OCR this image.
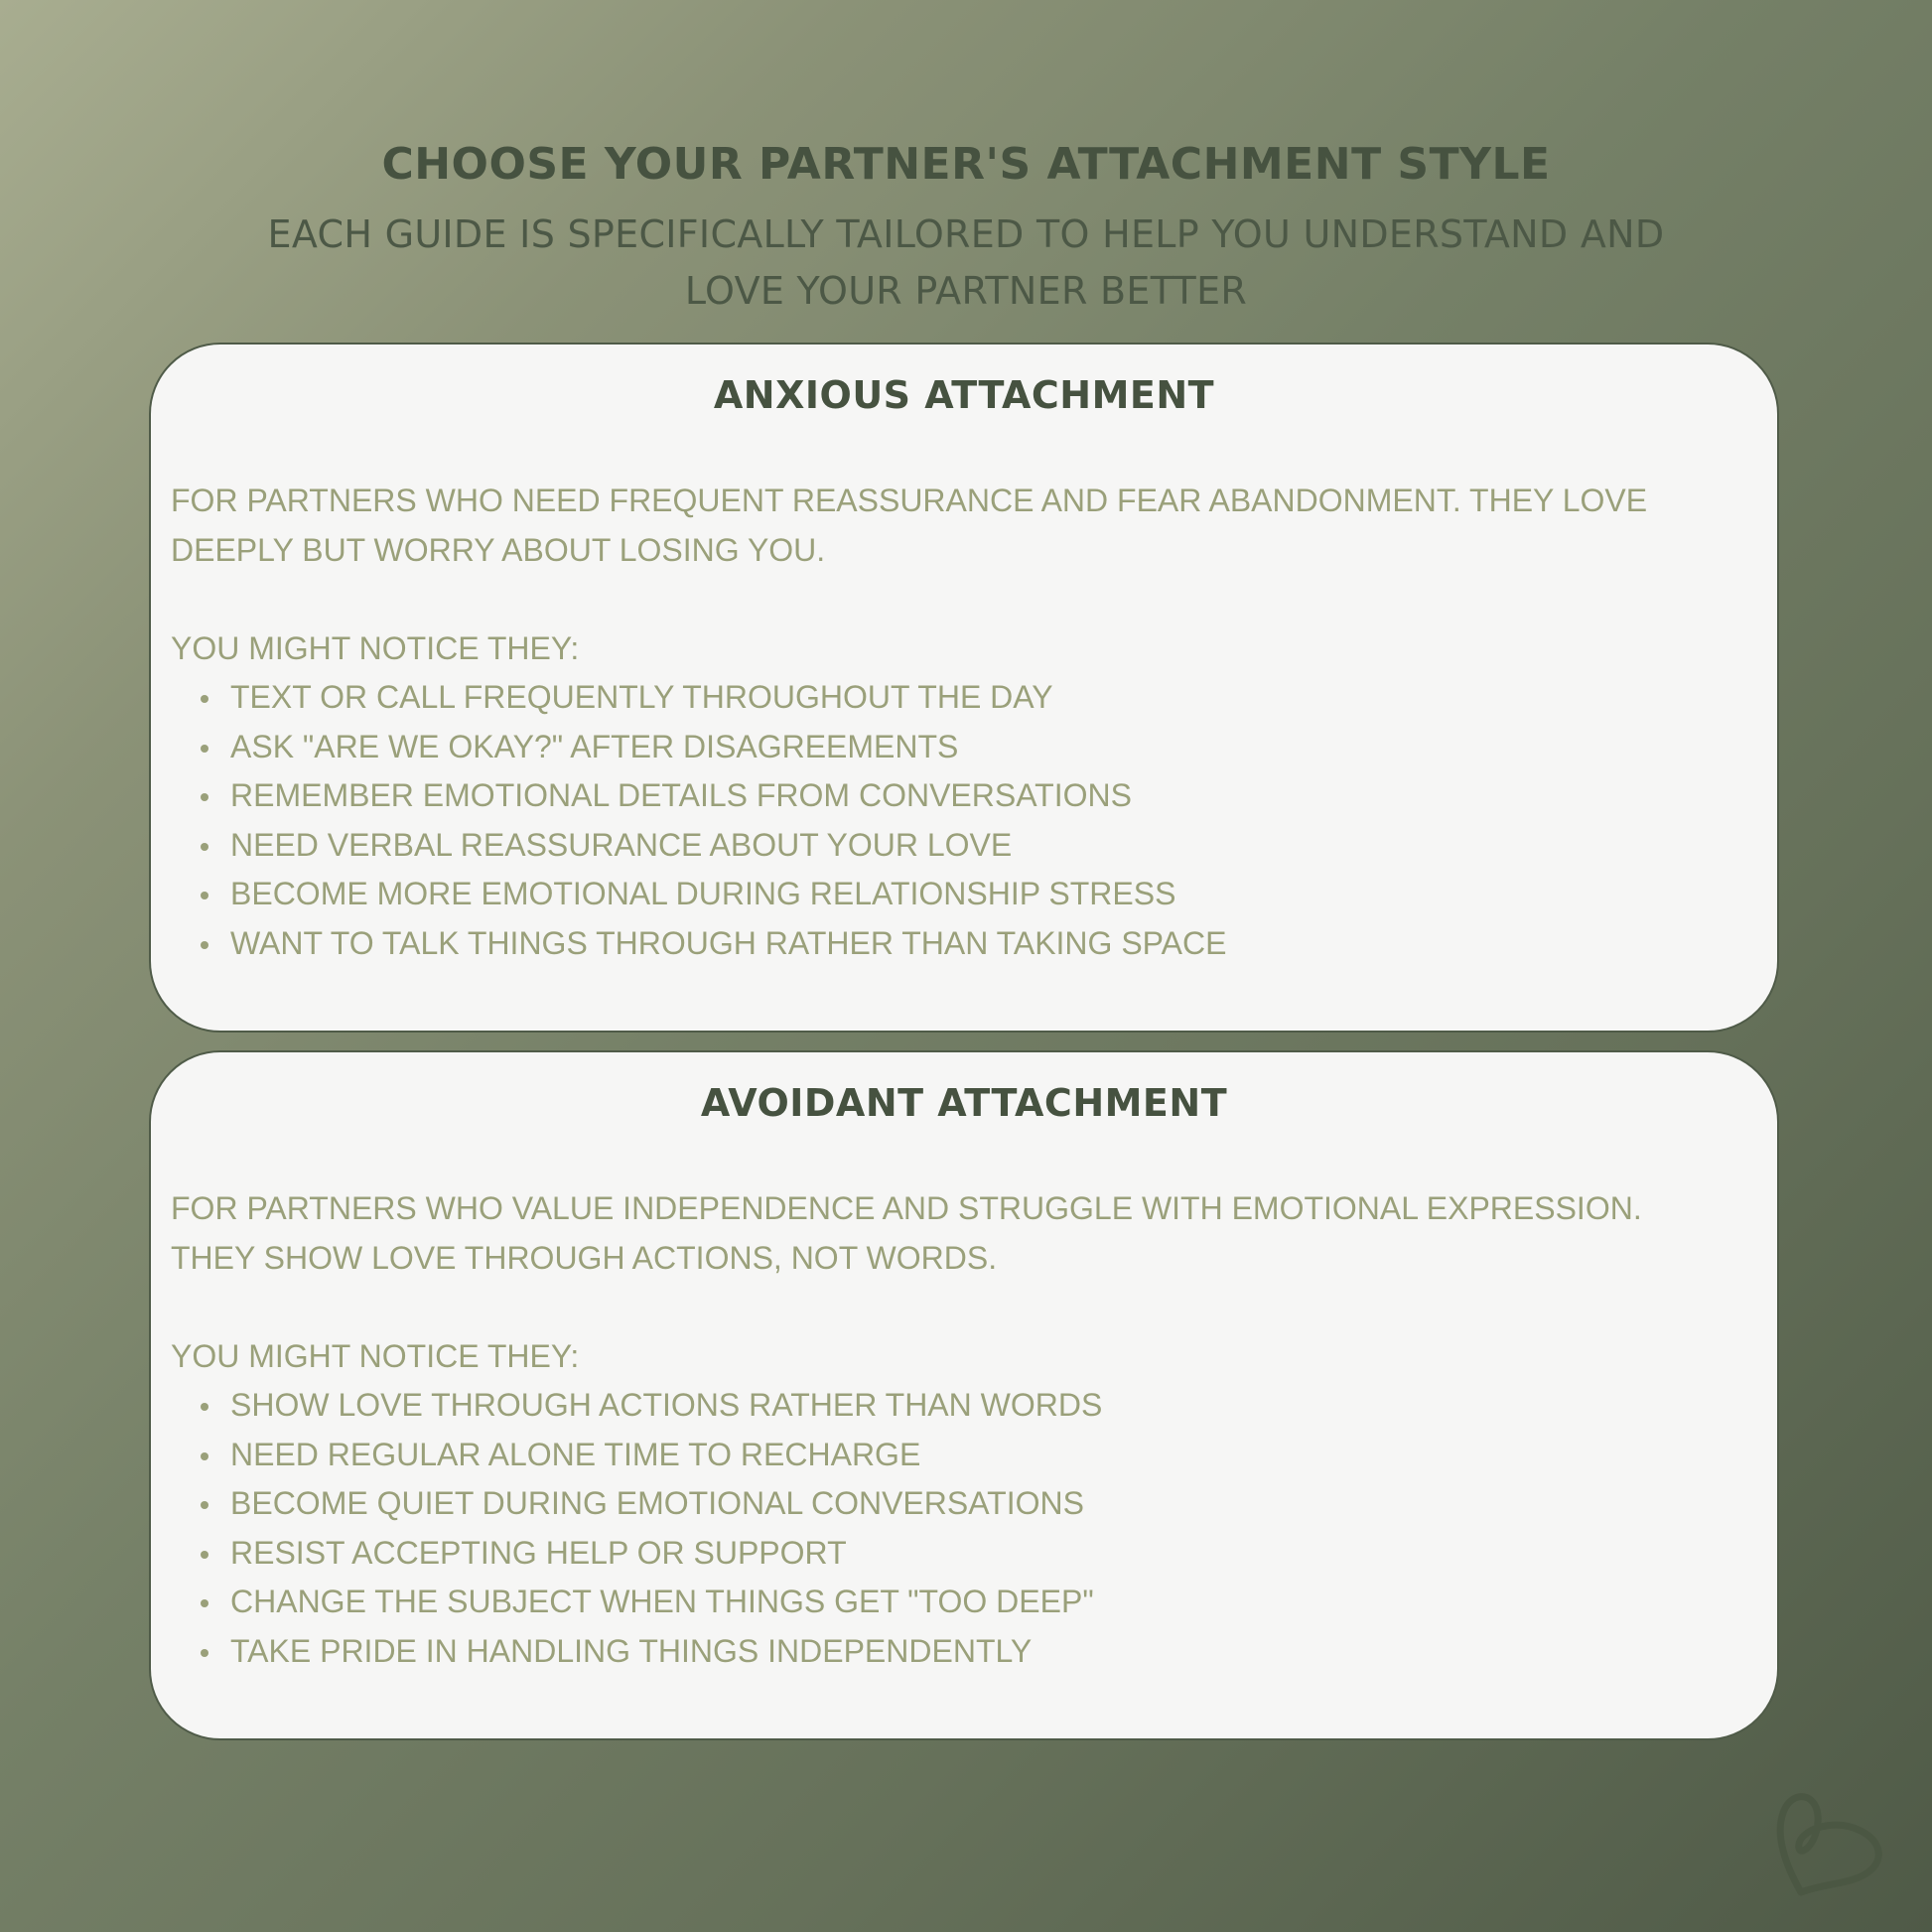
CHOOSE YOUR PARTNER'S ATTACHMENT STYLE

EACH GUIDE IS SPECIFICALLY TAILORED TO HELP YOU UNDERSTAND AND
LOVE YOUR PARTNER BETTER

ANXIOUS ATTACHMENT

FOR PARTNERS WHO NEED FREQUENT REASSURANCE AND FEAR ABANDONMENT. THEY LOVE
DEEPLY BUT WORRY ABOUT LOSING YOU.

YOU MIGHT NOTICE THEY:

TEXT OR CALL FREQUENTLY THROUGHOUT THE DAY
ASK "ARE WE OKAY?" AFTER DISAGREEMENTS
REMEMBER EMOTIONAL DETAILS FROM CONVERSATIONS
NEED VERBAL REASSURANCE ABOUT YOUR LOVE
BECOME MORE EMOTIONAL DURING RELATIONSHIP STRESS
WANT TO TALK THINGS THROUGH RATHER THAN TAKING SPACE
AVOIDANT ATTACHMENT

FOR PARTNERS WHO VALUE INDEPENDENCE AND STRUGGLE WITH EMOTIONAL EXPRESSION.
THEY SHOW LOVE THROUGH ACTIONS, NOT WORDS.

YOU MIGHT NOTICE THEY:

SHOW LOVE THROUGH ACTIONS RATHER THAN WORDS
NEED REGULAR ALONE TIME TO RECHARGE
BECOME QUIET DURING EMOTIONAL CONVERSATIONS
RESIST ACCEPTING HELP OR SUPPORT
CHANGE THE SUBJECT WHEN THINGS GET "TOO DEEP"
TAKE PRIDE IN HANDLING THINGS INDEPENDENTLY
